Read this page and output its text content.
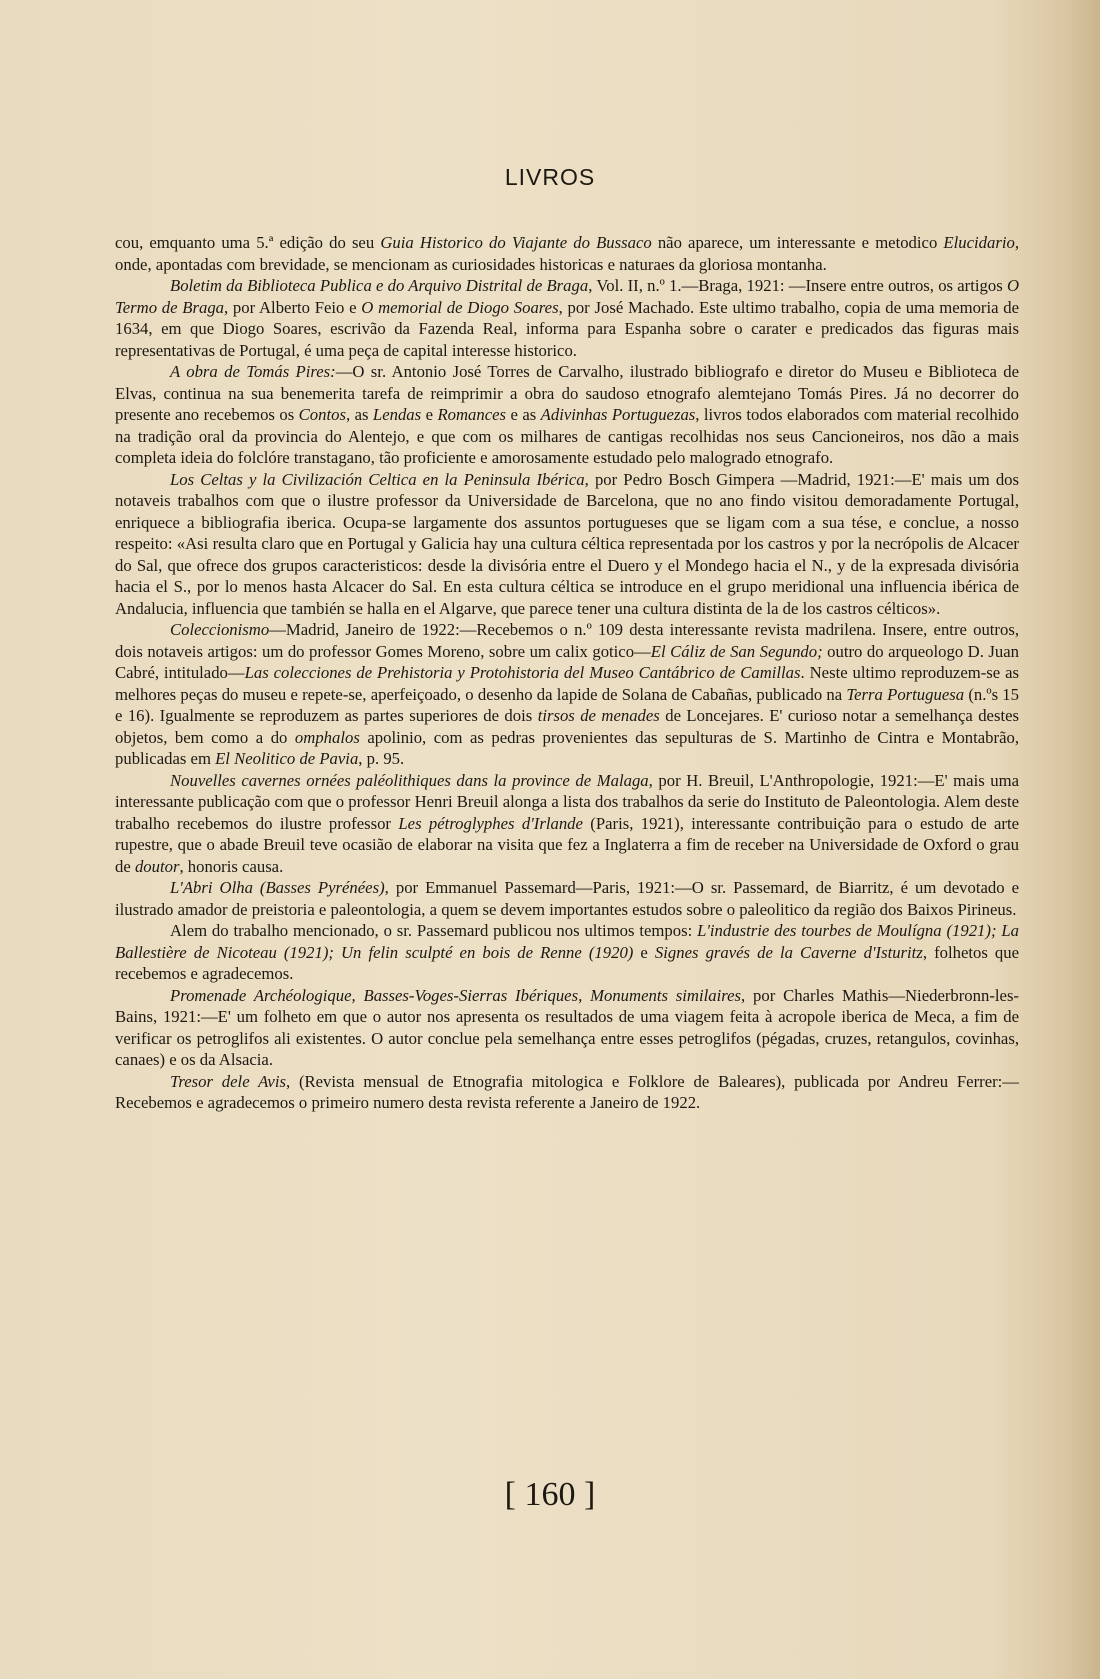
LIVROS

cou, emquanto uma 5.ª edição do seu Guia Historico do Viajante do Bussaco não aparece, um interessante e metodico Elucidario, onde, apontadas com brevidade, se mencionam as curiosidades historicas e naturaes da gloriosa montanha.

Boletim da Biblioteca Publica e do Arquivo Distrital de Braga, Vol. II, n.º 1.—Braga, 1921: —Insere entre outros, os artigos O Termo de Braga, por Alberto Feio e O memorial de Diogo Soares, por José Machado. Este ultimo trabalho, copia de uma memoria de 1634, em que Diogo Soares, escrivão da Fazenda Real, informa para Espanha sobre o carater e predicados das figuras mais representativas de Portugal, é uma peça de capital interesse historico.

A obra de Tomás Pires:—O sr. Antonio José Torres de Carvalho, ilustrado bibliografo e diretor do Museu e Biblioteca de Elvas, continua na sua benemerita tarefa de reimprimir a obra do saudoso etnografo alemtejano Tomás Pires. Já no decorrer do presente ano recebemos os Contos, as Lendas e Romances e as Adivinhas Portuguezas, livros todos elaborados com material recolhido na tradição oral da provincia do Alentejo, e que com os milhares de cantigas recolhidas nos seus Cancioneiros, nos dão a mais completa ideia do folclóre transtagano, tão proficiente e amorosamente estudado pelo malogrado etnografo.

Los Celtas y la Civilización Celtica en la Peninsula Ibérica, por Pedro Bosch Gimpera —Madrid, 1921:—E' mais um dos notaveis trabalhos com que o ilustre professor da Universidade de Barcelona, que no ano findo visitou demoradamente Portugal, enriquece a bibliografia iberica. Ocupa-se largamente dos assuntos portugueses que se ligam com a sua tése, e conclue, a nosso respeito: «Asi resulta claro que en Portugal y Galicia hay una cultura céltica representada por los castros y por la necrópolis de Alcacer do Sal, que ofrece dos grupos caracteristicos: desde la divisória entre el Duero y el Mondego hacia el N., y de la expresada divisória hacia el S., por lo menos hasta Alcacer do Sal. En esta cultura céltica se introduce en el grupo meridional una influencia ibérica de Andalucia, influencia que también se halla en el Algarve, que parece tener una cultura distinta de la de los castros célticos».

Coleccionismo—Madrid, Janeiro de 1922:—Recebemos o n.º 109 desta interessante revista madrilena. Insere, entre outros, dois notaveis artigos: um do professor Gomes Moreno, sobre um calix gotico—El Cáliz de San Segundo; outro do arqueologo D. Juan Cabré, intitulado—Las colecciones de Prehistoria y Protohistoria del Museo Cantábrico de Camillas. Neste ultimo reproduzem-se as melhores peças do museu e repete-se, aperfeiçoado, o desenho da lapide de Solana de Cabañas, publicado na Terra Portuguesa (n.ºs 15 e 16). Igualmente se reproduzem as partes superiores de dois tirsos de menades de Loncejares. E' curioso notar a semelhança destes objetos, bem como a do omphalos apolinio, com as pedras provenientes das sepulturas de S. Martinho de Cintra e Montabrão, publicadas em El Neolitico de Pavia, p. 95.

Nouvelles cavernes ornées paléolithiques dans la province de Malaga, por H. Breuil, L'Anthropologie, 1921:—E' mais uma interessante publicação com que o professor Henri Breuil alonga a lista dos trabalhos da serie do Instituto de Paleontologia. Alem deste trabalho recebemos do ilustre professor Les pétroglyphes d'Irlande (Paris, 1921), interessante contribuição para o estudo de arte rupestre, que o abade Breuil teve ocasião de elaborar na visita que fez a Inglaterra a fim de receber na Universidade de Oxford o grau de doutor, honoris causa.

L'Abri Olha (Basses Pyrénées), por Emmanuel Passemard—Paris, 1921:—O sr. Passemard, de Biarritz, é um devotado e ilustrado amador de preistoria e paleontologia, a quem se devem importantes estudos sobre o paleolitico da região dos Baixos Pirineus.

Alem do trabalho mencionado, o sr. Passemard publicou nos ultimos tempos: L'industrie des tourbes de Moulígna (1921); La Ballestière de Nicoteau (1921); Un felin sculpté en bois de Renne (1920) e Signes gravés de la Caverne d'Isturitz, folhetos que recebemos e agradecemos.

Promenade Archéologique, Basses-Voges-Sierras Ibériques, Monuments similaires, por Charles Mathis—Niederbronn-les-Bains, 1921:—E' um folheto em que o autor nos apresenta os resultados de uma viagem feita à acropole iberica de Meca, a fim de verificar os petroglifos ali existentes. O autor conclue pela semelhança entre esses petroglifos (pégadas, cruzes, retangulos, covinhas, canaes) e os da Alsacia.

Tresor dele Avis, (Revista mensual de Etnografia mitologica e Folklore de Baleares), publicada por Andreu Ferrer:—Recebemos e agradecemos o primeiro numero desta revista referente a Janeiro de 1922.

[ 160 ]
